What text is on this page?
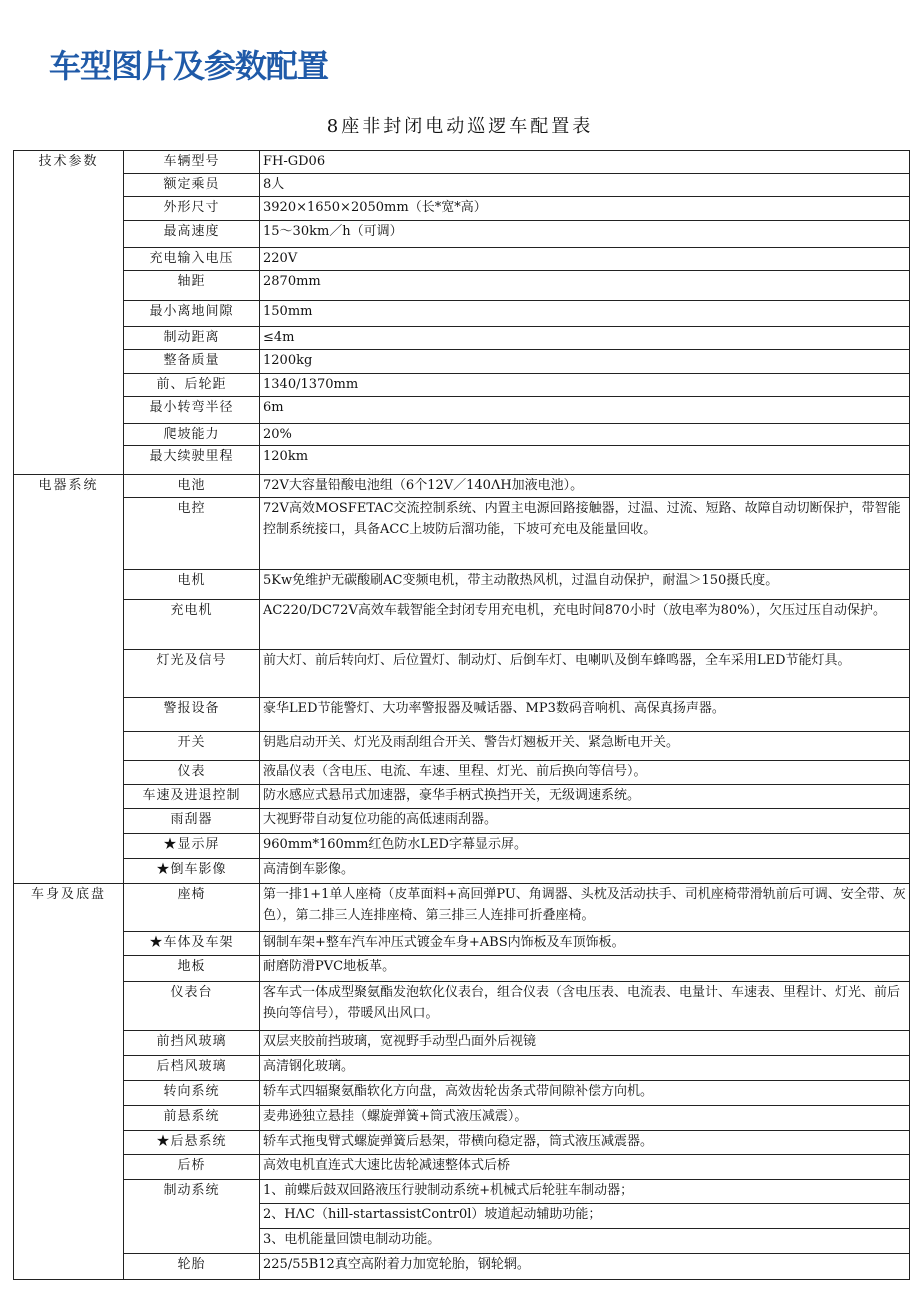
车型图片及参数配置
8座非封闭电动巡逻车配置表
技术参数	车辆型号	FH-GD06
	额定乘员	8人
	外形尺寸	3920×1650×2050mm（长*宽*高）
	最高速度	15～30km／h（可调）
	充电输入电压	220V
	轴距	2870mm
	最小离地间隙	150mm
	制动距离	≤4m
	整备质量	1200kg
	前、后轮距	1340/1370mm
	最小转弯半径	6m
	爬坡能力	20%
	最大续驶里程	120km
电器系统	电池	72V大容量铅酸电池组（6个12V／140ΛH加液电池）。
	电控	72V高效MOSFETAC交流控制系统、内置主电源回路接触器，过温、过流、短路、故障自动切断保护，带智能控制系统接口，具备ACC上坡防后溜功能，下坡可充电及能量回收。
	电机	5Kw免维护无碳酸刷AC变频电机，带主动散热风机，过温自动保护，耐温＞150摄氏度。
	充电机	AC220/DC72V高效车载智能全封闭专用充电机，充电时间870小时（放电率为80%），欠压过压自动保护。
	灯光及信号	前大灯、前后转向灯、后位置灯、制动灯、后倒车灯、电喇叭及倒车蜂鸣器，全车采用LED节能灯具。
	警报设备	豪华LED节能警灯、大功率警报器及喊话器、MP3数码音响机、高保真扬声器。
	开关	钥匙启动开关、灯光及雨刮组合开关、警告灯翘板开关、紧急断电开关。
	仪表	液晶仪表（含电压、电流、车速、里程、灯光、前后换向等信号）。
	车速及进退控制	防水感应式悬吊式加速器，豪华手柄式换挡开关，无级调速系统。
	雨刮器	大视野带自动复位功能的高低速雨刮器。
	★显示屏	960mm*160mm红色防水LED字幕显示屏。
	★倒车影像	高清倒车影像。
车身及底盘	座椅	第一排1+1单人座椅（皮革面料+高回弹PU、角调器、头枕及活动扶手、司机座椅带滑轨前后可调、安全带、灰色），第二排三人连排座椅、第三排三人连排可折叠座椅。
	★车体及车架	钢制车架+整车汽车冲压式镀金车身+ABS内饰板及车顶饰板。
	地板	耐磨防滑PVC地板革。
	仪表台	客车式一体成型聚氨酯发泡软化仪表台，组合仪表（含电压表、电流表、电量计、车速表、里程计、灯光、前后换向等信号），带暖风出风口。
	前挡风玻璃	双层夹胶前挡玻璃，宽视野手动型凸面外后视镜
	后档风玻璃	高清钢化玻璃。
	转向系统	轿车式四辐聚氨酯软化方向盘，高效齿轮齿条式带间隙补偿方向机。
	前悬系统	麦弗逊独立悬挂（螺旋弹簧+筒式液压减震）。
	★后悬系统	轿车式拖曳臂式螺旋弹簧后悬架，带横向稳定器，筒式液压减震器。
	后桥	高效电机直连式大速比齿轮减速整体式后桥
	制动系统	1、前蝶后鼓双回路液压行驶制动系统+机械式后轮驻车制动器；
		2、HΛC（hill-startassistContr0l）坡道起动辅助功能；
		3、电机能量回馈电制动功能。
	轮胎	225/55B12真空高附着力加宽轮胎，钢轮辋。
